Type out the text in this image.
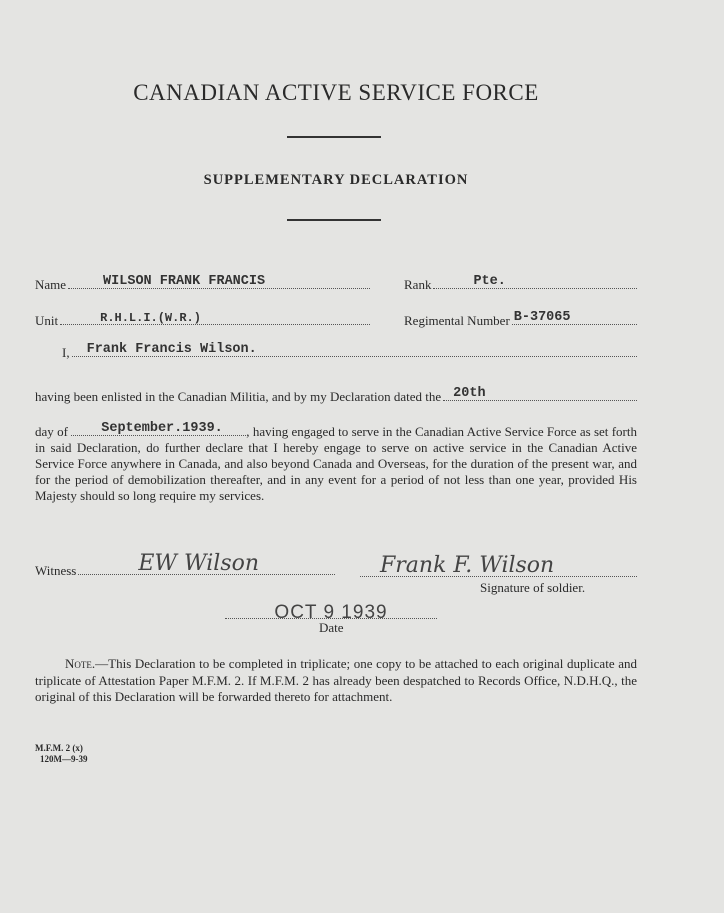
CANADIAN ACTIVE SERVICE FORCE
SUPPLEMENTARY DECLARATION
Name	WILSON FRANK FRANCIS	Rank	Pte.
Unit	R.H.L.I.(W.R.)	Regimental Number B-37065
I, Frank Francis Wilson.
having been enlisted in the Canadian Militia, and by my Declaration dated the 20th
day of September.1939. , having engaged to serve in the Canadian Active Service Force as set forth in said Declaration, do further declare that I hereby engage to serve on active service in the Canadian Active Service Force anywhere in Canada, and also beyond Canada and Overseas, for the duration of the present war, and for the period of demobilization thereafter, and in any event for a period of not less than one year, provided His Majesty should so long require my services.
Witness	EW Wilson	Frank F. Wilson
Signature of soldier.
OCT 9 1939
Date
Note.—This Declaration to be completed in triplicate; one copy to be attached to each original duplicate and triplicate of Attestation Paper M.F.M. 2. If M.F.M. 2 has already been despatched to Records Office, N.D.H.Q., the original of this Declaration will be forwarded thereto for attachment.
M.F.M. 2 (x)
120M—9-39
